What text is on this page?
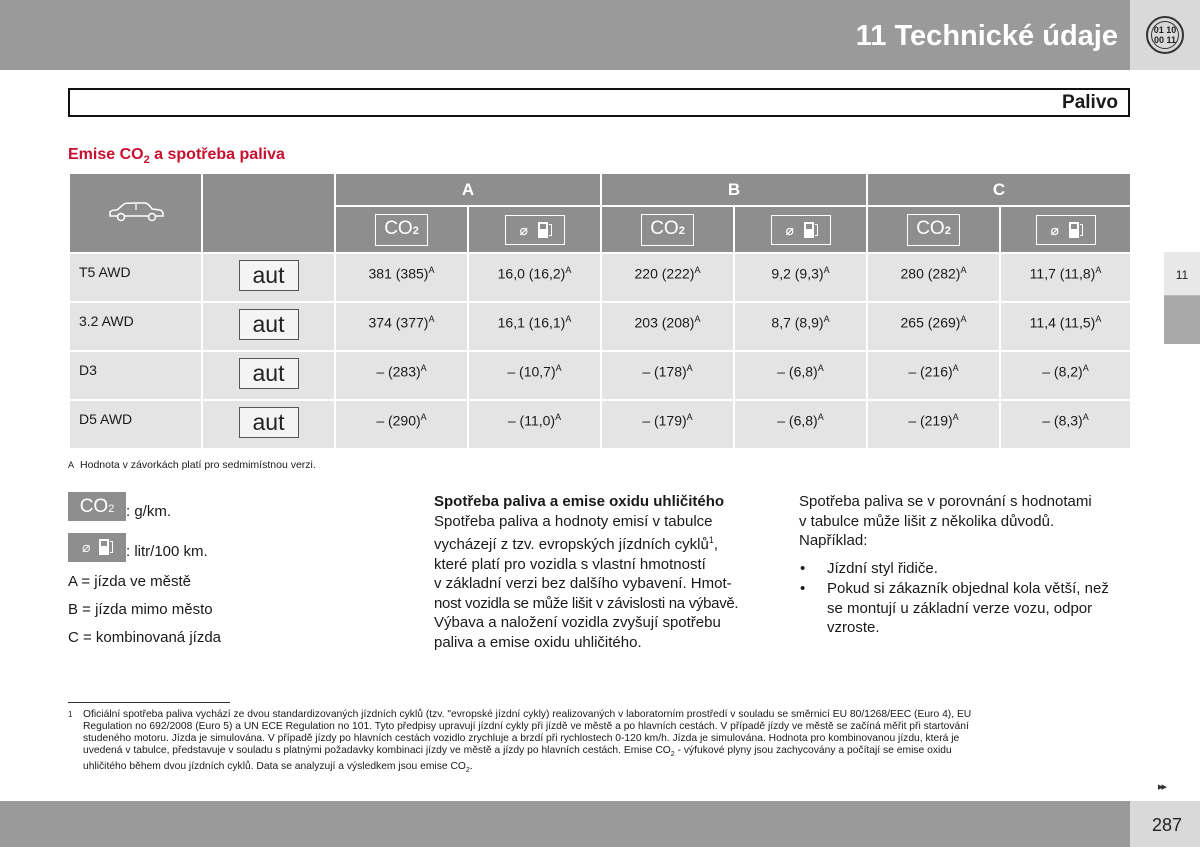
11 Technické údaje	01 10
00 11
Palivo
11
Emise $CO_2$ a spotřeba paliva
		A		B		C	
		CO2	⌀	CO2	⌀	CO2	⌀

T5 AWD	aut	381 $(385)^A$	16,0 $(16,2)^A$	220 $(222)^A$	9,2 $(9,3)^A$	280 $(282)^A$	11,7 $(11,8)^A$
3.2 AWD	aut	374 $(377)^A$	16,1 $(16,1)^A$	203 $(208)^A$	8,7 $(8,9)^A$	265 $(269)^A$	11,4 $(11,5)^A$
D3	aut	– $(283)^A$	– $(10,7)^A$	– $(178)^A$	– $(6,8)^A$	– $(216)^A$	– $(8,2)^A$
D5 AWD	aut	– $(290)^A$	– $(11,0)^A$	– $(179)^A$	– $(6,8)^A$	– $(219)^A$	– $(8,3)^A$
A Hodnota v závorkách platí pro sedmimístnou verzi.
CO2 : g/km.
⌀ : litr/100 km.
A = jízda ve městě
B = jízda mimo město
C = kombinovaná jízda
Spotřeba paliva a emise oxidu uhličitého
Spotřeba paliva a hodnoty emisí v tabulce
vycházejí z tzv. evropských jízdních cyklů$^1$,
které platí pro vozidla s vlastní hmotností
v základní verzi bez dalšího vybavení. Hmot-
nost vozidla se může lišit v závislosti na výbavě.
Výbava a naložení vozidla zvyšují spotřebu
paliva a emise oxidu uhličitého.
Spotřeba paliva se v porovnání s hodnotami
v tabulce může lišit z několika důvodů.
Například:
• Jízdní styl řidiče.
• Pokud si zákazník objednal kola větší, než
se montují u základní verze vozu, odpor
vzroste.
1 Oficiální spotřeba paliva vychází ze dvou standardizovaných jízdních cyklů (tzv. "evropské jízdní cykly) realizovaných v laboratorním prostředí v souladu se směrnicí EU 80/1268/EEC (Euro 4), EU
Regulation no 692/2008 (Euro 5) a UN ECE Regulation no 101. Tyto předpisy upravují jízdní cykly při jízdě ve městě a po hlavních cestách. V případě jízdy ve městě se začíná měřit při startování
studeného motoru. Jízda je simulována. V případě jízdy po hlavních cestách vozidlo zrychluje a brzdí při rychlostech 0-120 km/h. Jízda je simulována. Hodnota pro kombinovanou jízdu, která je
uvedená v tabulce, představuje v souladu s platnými požadavky kombinaci jízdy ve městě a jízdy po hlavních cestách. Emise $CO_2$ - výfukové plyny jsou zachycovány a počítají se emise oxidu
uhličitého během dvou jízdních cyklů. Data se analyzují a výsledkem jsou emise $CO_2$.
▸▸
287
